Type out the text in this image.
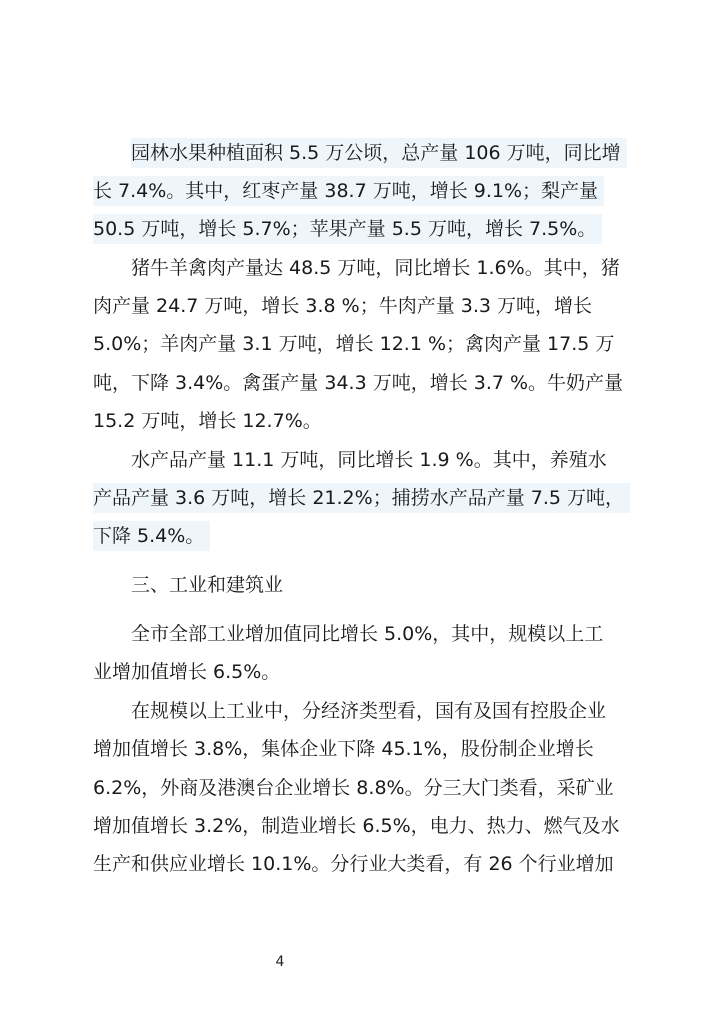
园林水果种植面积 5.5 万公顷，总产量 106 万吨，同比增
长 7.4%。其中，红枣产量 38.7 万吨，增长 9.1%；梨产量
50.5 万吨，增长 5.7%；苹果产量 5.5 万吨，增长 7.5%。
猪牛羊禽肉产量达 48.5 万吨，同比增长 1.6%。其中，猪
肉产量 24.7 万吨，增长 3.8 %；牛肉产量 3.3 万吨，增长
5.0%；羊肉产量 3.1 万吨，增长 12.1 %；禽肉产量 17.5 万
吨，下降 3.4%。禽蛋产量 34.3 万吨，增长 3.7 %。牛奶产量
15.2 万吨，增长 12.7%。
水产品产量 11.1 万吨，同比增长 1.9 %。其中，养殖水
产品产量 3.6 万吨，增长 21.2%；捕捞水产品产量 7.5 万吨，
下降 5.4%。
三、工业和建筑业
全市全部工业增加值同比增长 5.0%，其中，规模以上工
业增加值增长 6.5%。
在规模以上工业中，分经济类型看，国有及国有控股企业
增加值增长 3.8%，集体企业下降 45.1%，股份制企业增长
6.2%，外商及港澳台企业增长 8.8%。分三大门类看，采矿业
增加值增长 3.2%，制造业增长 6.5%，电力、热力、燃气及水
生产和供应业增长 10.1%。分行业大类看，有 26 个行业增加
4
